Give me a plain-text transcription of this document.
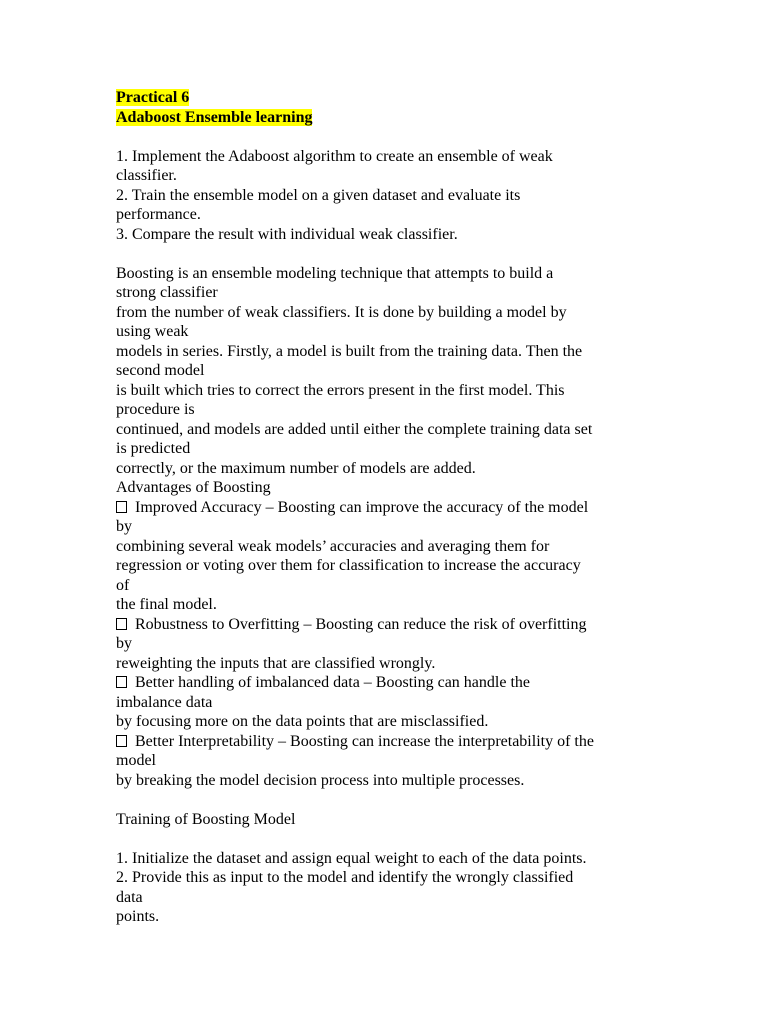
Practical 6
Adaboost Ensemble learning
1. Implement the Adaboost algorithm to create an ensemble of weak
classifier.
2. Train the ensemble model on a given dataset and evaluate its
performance.
3. Compare the result with individual weak classifier.
Boosting is an ensemble modeling technique that attempts to build a
strong classifier
from the number of weak classifiers. It is done by building a model by
using weak
models in series. Firstly, a model is built from the training data. Then the
second model
is built which tries to correct the errors present in the first model. This
procedure is
continued, and models are added until either the complete training data set
is predicted
correctly, or the maximum number of models are added.
Advantages of Boosting
Improved Accuracy – Boosting can improve the accuracy of the model
by
combining several weak models’ accuracies and averaging them for
regression or voting over them for classification to increase the accuracy
of
the final model.
Robustness to Overfitting – Boosting can reduce the risk of overfitting
by
reweighting the inputs that are classified wrongly.
Better handling of imbalanced data – Boosting can handle the
imbalance data
by focusing more on the data points that are misclassified.
Better Interpretability – Boosting can increase the interpretability of the
model
by breaking the model decision process into multiple processes.
Training of Boosting Model
1. Initialize the dataset and assign equal weight to each of the data points.
2. Provide this as input to the model and identify the wrongly classified
data
points.
